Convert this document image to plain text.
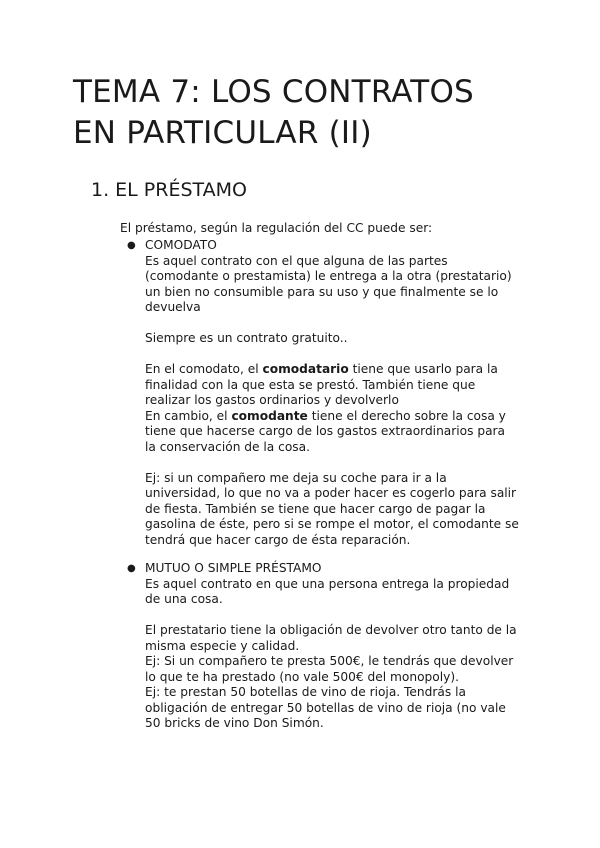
TEMA 7: LOS CONTRATOS
EN PARTICULAR (II)
1. EL PRÉSTAMO

El préstamo, según la regulación del CC puede ser:

● COMODATO
Es aquel contrato con el que alguna de las partes
(comodante o prestamista) le entrega a la otra (prestatario)
un bien no consumible para su uso y que finalmente se lo
devuelva
Siempre es un contrato gratuito..
En el comodato, el comodatario tiene que usarlo para la
finalidad con la que esta se prestó. También tiene que
realizar los gastos ordinarios y devolverlo
En cambio, el comodante tiene el derecho sobre la cosa y
tiene que hacerse cargo de los gastos extraordinarios para
la conservación de la cosa.
Ej: si un compañero me deja su coche para ir a la
universidad, lo que no va a poder hacer es cogerlo para salir
de fiesta. También se tiene que hacer cargo de pagar la
gasolina de éste, pero si se rompe el motor, el comodante se
tendrá que hacer cargo de ésta reparación.
● MUTUO O SIMPLE PRÉSTAMO
Es aquel contrato en que una persona entrega la propiedad
de una cosa.
El prestatario tiene la obligación de devolver otro tanto de la
misma especie y calidad.
Ej: Si un compañero te presta 500€, le tendrás que devolver
lo que te ha prestado (no vale 500€ del monopoly).
Ej: te prestan 50 botellas de vino de rioja. Tendrás la
obligación de entregar 50 botellas de vino de rioja (no vale
50 bricks de vino Don Simón.
